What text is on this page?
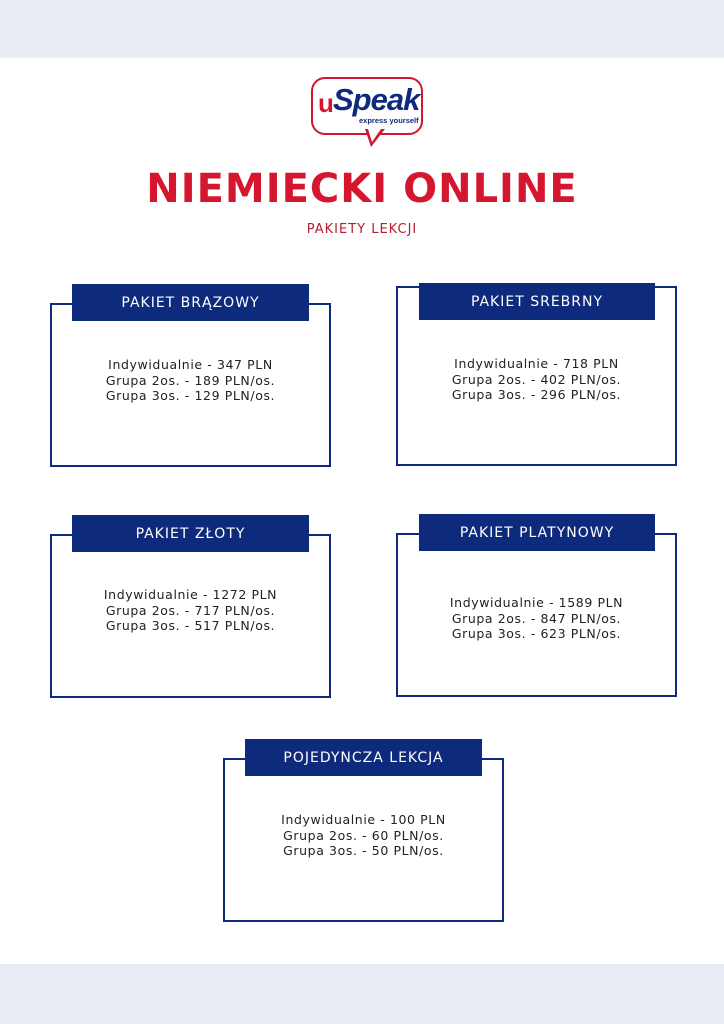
u Speak
express yourself
NIEMIECKI ONLINE
PAKIETY LEKCJI
Indywidualnie - 347 PLN
Grupa 2os. - 189 PLN/os.
Grupa 3os. - 129 PLN/os.
PAKIET BRĄZOWY
Indywidualnie - 718 PLN
Grupa 2os. - 402 PLN/os.
Grupa 3os. - 296 PLN/os.
PAKIET SREBRNY
Indywidualnie - 1272 PLN
Grupa 2os. - 717 PLN/os.
Grupa 3os. - 517 PLN/os.
PAKIET ZŁOTY
Indywidualnie - 1589 PLN
Grupa 2os. - 847 PLN/os.
Grupa 3os. - 623 PLN/os.
PAKIET PLATYNOWY
Indywidualnie - 100 PLN
Grupa 2os. - 60 PLN/os.
Grupa 3os. - 50 PLN/os.
POJEDYNCZA LEKCJA
